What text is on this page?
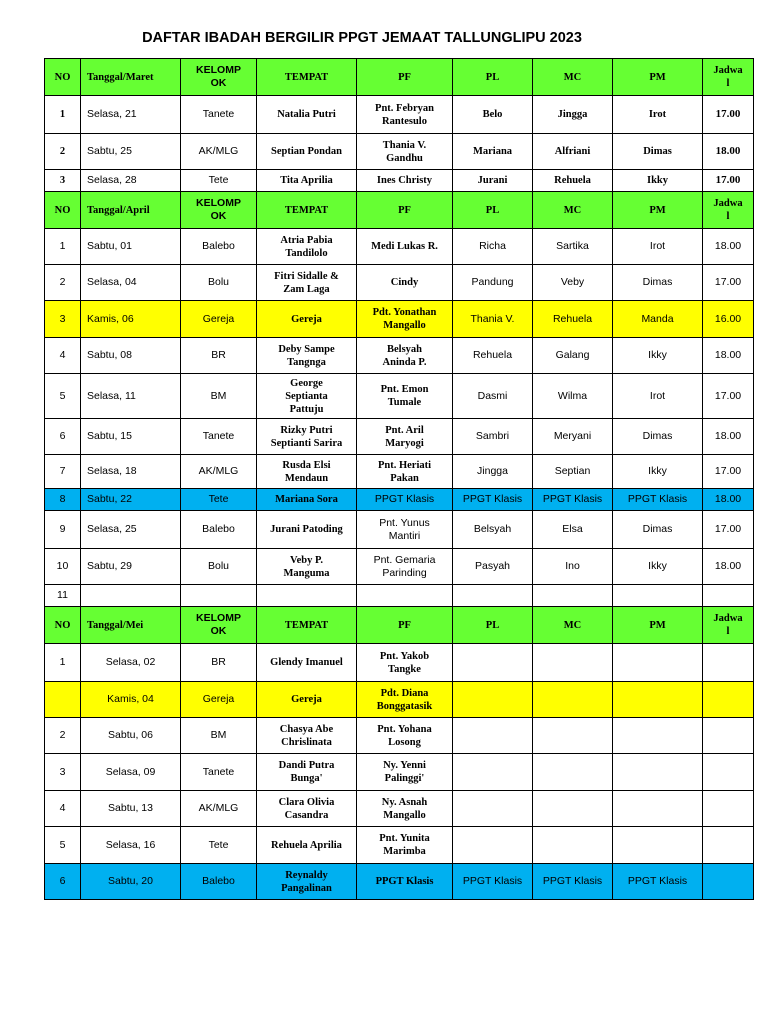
DAFTAR IBADAH BERGILIR PPGT JEMAAT TALLUNGLIPU 2023
NO	Tanggal/Maret	KELOMP
OK	TEMPAT	PF	PL	MC	PM	Jadwa
l
1	Selasa, 21	Tanete	Natalia Putri	Pnt. Febryan
Rantesulo	Belo	Jingga	Irot	17.00
2	Sabtu, 25	AK/MLG	Septian Pondan	Thania V.
Gandhu	Mariana	Alfriani	Dimas	18.00
3	Selasa, 28	Tete	Tita Aprilia	Ines Christy	Jurani	Rehuela	Ikky	17.00
NO	Tanggal/April	KELOMP
OK	TEMPAT	PF	PL	MC	PM	Jadwa
l
1	Sabtu, 01	Balebo	Atria Pabia
Tandilolo	Medi Lukas R.	Richa	Sartika	Irot	18.00
2	Selasa, 04	Bolu	Fitri Sidalle &
Zam Laga	Cindy	Pandung	Veby	Dimas	17.00
3	Kamis, 06	Gereja	Gereja	Pdt. Yonathan
Mangallo	Thania V.	Rehuela	Manda	16.00
4	Sabtu, 08	BR	Deby Sampe
Tangnga	Belsyah
Aninda P.	Rehuela	Galang	Ikky	18.00
5	Selasa, 11	BM	George
Septianta
Pattuju	Pnt. Emon
Tumale	Dasmi	Wilma	Irot	17.00
6	Sabtu, 15	Tanete	Rizky Putri
Septianti Sarira	Pnt. Aril
Maryogi	Sambri	Meryani	Dimas	18.00
7	Selasa, 18	AK/MLG	Rusda Elsi
Mendaun	Pnt. Heriati
Pakan	Jingga	Septian	Ikky	17.00
8	Sabtu, 22	Tete	Mariana Sora	PPGT Klasis	PPGT Klasis	PPGT Klasis	PPGT Klasis	18.00
9	Selasa, 25	Balebo	Jurani Patoding	Pnt. Yunus
Mantiri	Belsyah	Elsa	Dimas	17.00
10	Sabtu, 29	Bolu	Veby P.
Manguma	Pnt. Gemaria
Parinding	Pasyah	Ino	Ikky	18.00
11								
NO	Tanggal/Mei	KELOMP
OK	TEMPAT	PF	PL	MC	PM	Jadwa
l
1	Selasa, 02	BR	Glendy Imanuel	Pnt. Yakob
Tangke				
	Kamis, 04	Gereja	Gereja	Pdt. Diana
Bonggatasik				
2	Sabtu, 06	BM	Chasya Abe
Chrislinata	Pnt. Yohana
Losong				
3	Selasa, 09	Tanete	Dandi Putra
Bunga'	Ny. Yenni
Palinggi'				
4	Sabtu, 13	AK/MLG	Clara Olivia
Casandra	Ny. Asnah
Mangallo				
5	Selasa, 16	Tete	Rehuela Aprilia	Pnt. Yunita
Marimba				
6	Sabtu, 20	Balebo	Reynaldy
Pangalinan	PPGT Klasis	PPGT Klasis	PPGT Klasis	PPGT Klasis	
